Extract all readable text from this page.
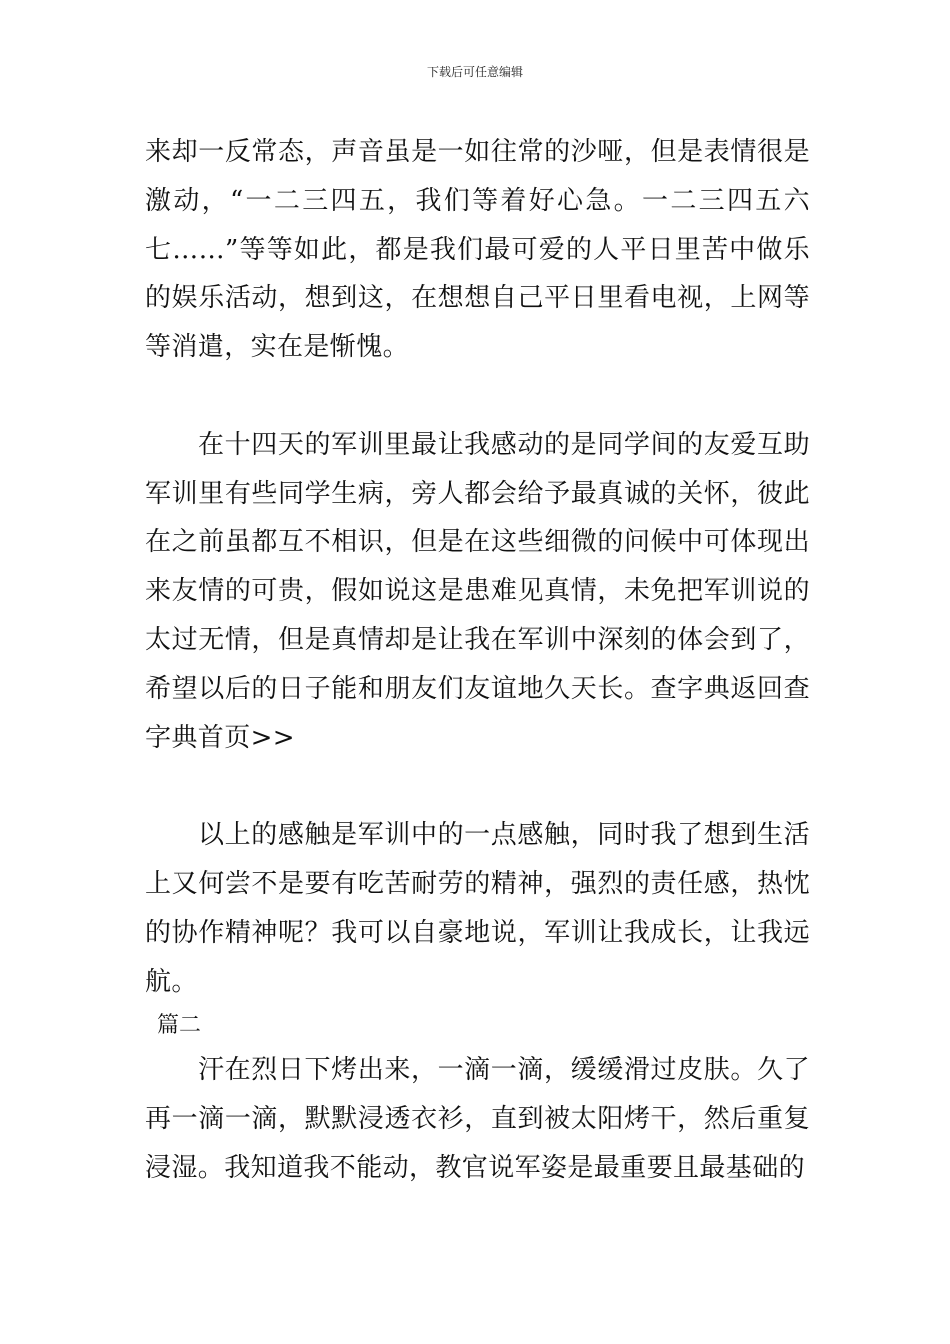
下载后可任意编辑

来却一反常态，声音虽是一如往常的沙哑，但是表情很是激动，“一二三四五，我们等着好心急。一二三四五六七……”等等如此，都是我们最可爱的人平日里苦中做乐的娱乐活动，想到这，在想想自己平日里看电视，上网等等消遣，实在是惭愧。

在十四天的军训里最让我感动的是同学间的友爱互助军训里有些同学生病，旁人都会给予最真诚的关怀，彼此在之前虽都互不相识，但是在这些细微的问候中可体现出来友情的可贵，假如说这是患难见真情，未免把军训说的太过无情，但是真情却是让我在军训中深刻的体会到了，希望以后的日子能和朋友们友谊地久天长。查字典返回查字典首页>>

以上的感触是军训中的一点感触，同时我了想到生活上又何尝不是要有吃苦耐劳的精神，强烈的责任感，热忱的协作精神呢？我可以自豪地说，军训让我成长，让我远航。

篇二

汗在烈日下烤出来，一滴一滴，缓缓滑过皮肤。久了再一滴一滴，默默浸透衣衫，直到被太阳烤干，然后重复浸湿。我知道我不能动，教官说军姿是最重要且最基础的
